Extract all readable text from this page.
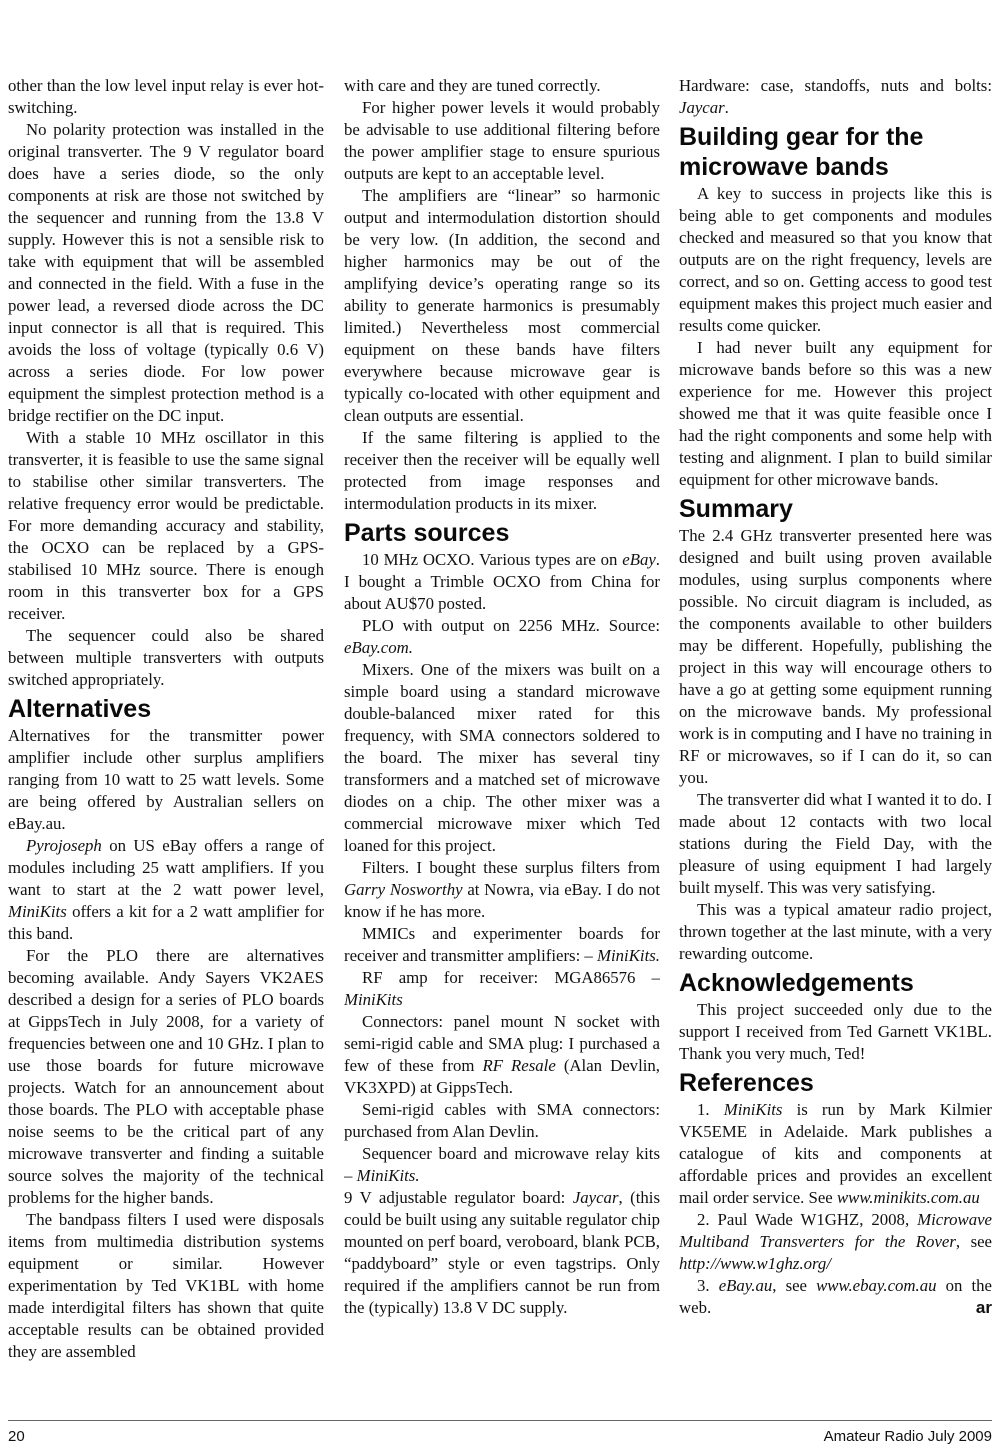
other than the low level input relay is ever hot-switching.

No polarity protection was installed in the original transverter. The 9 V regulator board does have a series diode, so the only components at risk are those not switched by the sequencer and running from the 13.8 V supply. However this is not a sensible risk to take with equipment that will be assembled and connected in the field. With a fuse in the power lead, a reversed diode across the DC input connector is all that is required. This avoids the loss of voltage (typically 0.6 V) across a series diode. For low power equipment the simplest protection method is a bridge rectifier on the DC input.

With a stable 10 MHz oscillator in this transverter, it is feasible to use the same signal to stabilise other similar transverters. The relative frequency error would be predictable. For more demanding accuracy and stability, the OCXO can be replaced by a GPS-stabilised 10 MHz source. There is enough room in this transverter box for a GPS receiver.

The sequencer could also be shared between multiple transverters with outputs switched appropriately.

Alternatives

Alternatives for the transmitter power amplifier include other surplus amplifiers ranging from 10 watt to 25 watt levels. Some are being offered by Australian sellers on eBay.au.

Pyrojoseph on US eBay offers a range of modules including 25 watt amplifiers. If you want to start at the 2 watt power level, MiniKits offers a kit for a 2 watt amplifier for this band.

For the PLO there are alternatives becoming available. Andy Sayers VK2AES described a design for a series of PLO boards at GippsTech in July 2008, for a variety of frequencies between one and 10 GHz. I plan to use those boards for future microwave projects. Watch for an announcement about those boards. The PLO with acceptable phase noise seems to be the critical part of any microwave transverter and finding a suitable source solves the majority of the technical problems for the higher bands.

The bandpass filters I used were disposals items from multimedia distribution systems equipment or similar. However experimentation by Ted VK1BL with home made interdigital filters has shown that quite acceptable results can be obtained provided they are assembled

with care and they are tuned correctly.

For higher power levels it would probably be advisable to use additional filtering before the power amplifier stage to ensure spurious outputs are kept to an acceptable level.

The amplifiers are “linear” so harmonic output and intermodulation distortion should be very low. (In addition, the second and higher harmonics may be out of the amplifying device’s operating range so its ability to generate harmonics is presumably limited.) Nevertheless most commercial equipment on these bands have filters everywhere because microwave gear is typically co-located with other equipment and clean outputs are essential.

If the same filtering is applied to the receiver then the receiver will be equally well protected from image responses and intermodulation products in its mixer.

Parts sources

10 MHz OCXO. Various types are on eBay. I bought a Trimble OCXO from China for about AU$70 posted.

PLO with output on 2256 MHz. Source: eBay.com.

Mixers. One of the mixers was built on a simple board using a standard microwave double-balanced mixer rated for this frequency, with SMA connectors soldered to the board. The mixer has several tiny transformers and a matched set of microwave diodes on a chip. The other mixer was a commercial microwave mixer which Ted loaned for this project.

Filters. I bought these surplus filters from Garry Nosworthy at Nowra, via eBay. I do not know if he has more.

MMICs and experimenter boards for receiver and transmitter amplifiers: – MiniKits.

RF amp for receiver: MGA86576 – MiniKits

Connectors: panel mount N socket with semi-rigid cable and SMA plug: I purchased a few of these from RF Resale (Alan Devlin, VK3XPD) at GippsTech.

Semi-rigid cables with SMA connectors: purchased from Alan Devlin.

Sequencer board and microwave relay kits – MiniKits.

9 V adjustable regulator board: Jaycar, (this could be built using any suitable regulator chip mounted on perf board, veroboard, blank PCB, “paddyboard” style or even tagstrips. Only required if the amplifiers cannot be run from the (typically) 13.8 V DC supply.

Hardware: case, standoffs, nuts and bolts: Jaycar.

Building gear for the microwave bands

A key to success in projects like this is being able to get components and modules checked and measured so that you know that outputs are on the right frequency, levels are correct, and so on. Getting access to good test equipment makes this project much easier and results come quicker.

I had never built any equipment for microwave bands before so this was a new experience for me. However this project showed me that it was quite feasible once I had the right components and some help with testing and alignment. I plan to build similar equipment for other microwave bands.

Summary

The 2.4 GHz transverter presented here was designed and built using proven available modules, using surplus components where possible. No circuit diagram is included, as the components available to other builders may be different. Hopefully, publishing the project in this way will encourage others to have a go at getting some equipment running on the microwave bands. My professional work is in computing and I have no training in RF or microwaves, so if I can do it, so can you.

The transverter did what I wanted it to do. I made about 12 contacts with two local stations during the Field Day, with the pleasure of using equipment I had largely built myself. This was very satisfying.

This was a typical amateur radio project, thrown together at the last minute, with a very rewarding outcome.

Acknowledgements

This project succeeded only due to the support I received from Ted Garnett VK1BL. Thank you very much, Ted!

References

1. MiniKits is run by Mark Kilmier VK5EME in Adelaide. Mark publishes a catalogue of kits and components at affordable prices and provides an excellent mail order service. See www.minikits.com.au

2. Paul Wade W1GHZ, 2008, Microwave Multiband Transverters for the Rover, see http://www.w1ghz.org/

3. eBay.au, see www.ebay.com.au on the web.	ar

20	Amateur Radio July 2009
